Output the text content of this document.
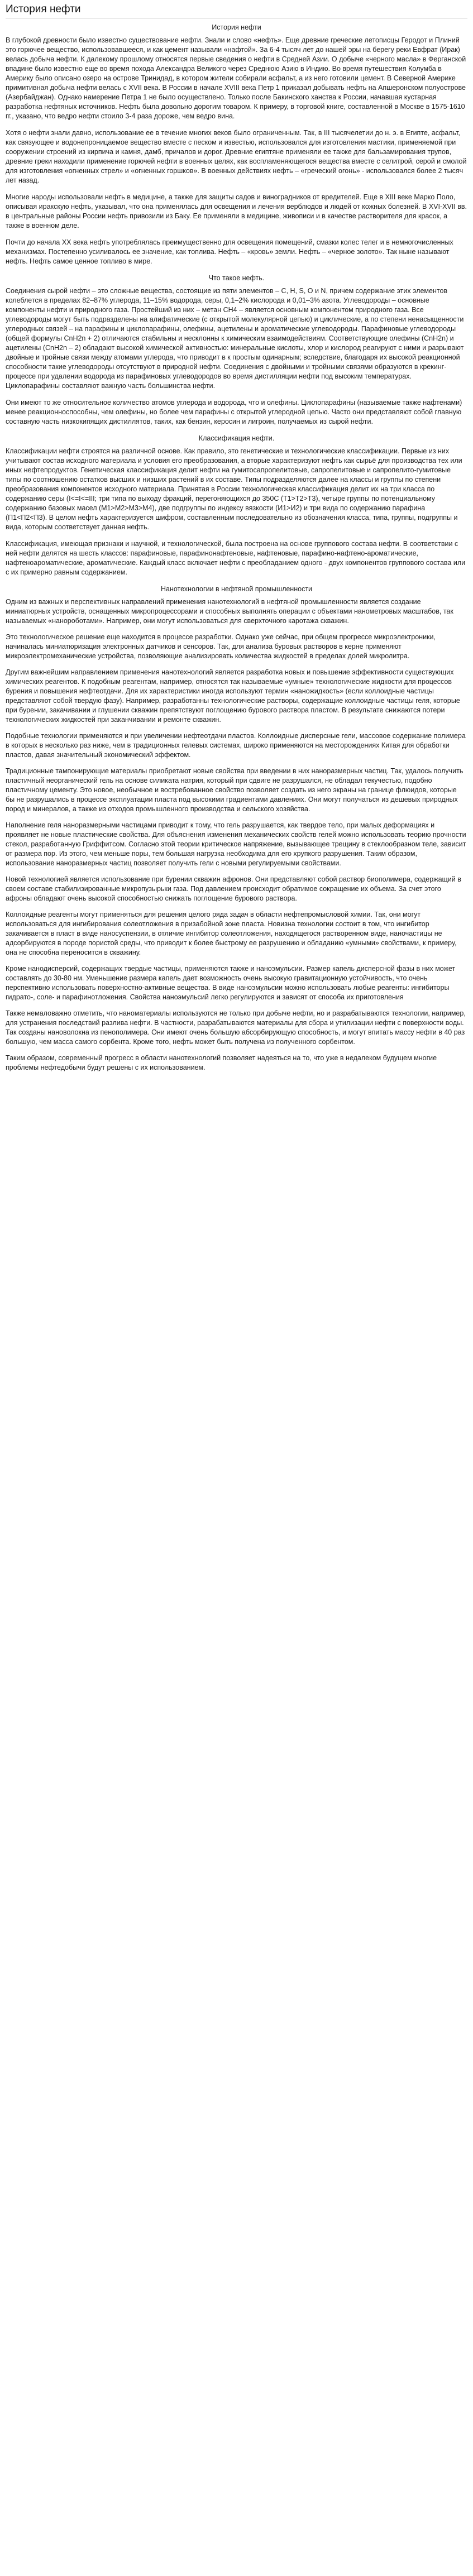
История нефти
История нефти

В глубокой древности было известно существование нефти. Знали и слово «нефть». Еще древние греческие летописцы Геродот и Плиний это горючее вещество, использовавшееся, и как цемент называли «нафтой». За 6-4 тысяч лет до нашей эры на берегу реки Евфрат (Ирак) велась добыча нефти. К далекому прошлому относятся первые сведения о нефти в Средней Азии. О добыче «черного масла» в Ферганской впадине было известно еще во время похода Александра Великого через Среднюю Азию в Индию. Во время путешествия Колумба в Америку было описано озеро на острове Тринидад, в котором жители собирали асфальт, а из него готовили цемент. В Северной Америке примитивная добыча нефти велась с XVII века. В России в начале XVIII века Петр 1 приказал добывать нефть на Апшеронском полуострове (Азербайджан). Однако намерение Петра 1 не было осуществлено. Только после Бакинского ханства к России, начавшая кустарная разработка нефтяных источников. Нефть была довольно дорогим товаром. К примеру, в торговой книге, составленной в Москве в 1575-1610 гг., указано, что ведро нефти стоило 3-4 раза дороже, чем ведро вина.

Хотя о нефти знали давно, использование ее в течение многих веков было ограниченным. Так, в III тысячелетии до н. э. в Египте, асфальт, как связующее и водонепроницаемое вещество вместе с песком и известью, использовался для изготовления мастики, применяемой при сооружении строений из кирпича и камня, дамб, причалов и дорог. Древние египтяне применяли ее также для бальзамирования трупов, древние греки находили применение горючей нефти в военных целях, как воспламеняющегося вещества вместе с селитрой, серой и смолой для изготовления «огненных стрел» и «огненных горшков». В военных действиях нефть – «греческий огонь» - использовался более 2 тысяч лет назад.

Многие народы использовали нефть в медицине, а также для защиты садов и виноградников от вредителей. Еще в XIII веке Марко Поло, описывая иракскую нефть, указывал, что она применялась для освещения и лечения верблюдов и людей от кожных болезней. В XVI-XVII вв. в центральные районы России нефть привозили из Баку. Ее применяли в медицине, живописи и в качестве растворителя для красок, а также в военном деле.

Почти до начала XX века нефть употреблялась преимущественно для освещения помещений, смазки колес телег и в немногочисленных механизмах. Постепенно усиливалось ее значение, как топлива. Нефть – «кровь» земли. Нефть – «черное золото». Так ныне называют нефть. Нефть самое ценное топливо в мире.

Что такое нефть.

Соединения сырой нефти – это сложные вещества, состоящие из пяти элементов – С, Н, S, О и N, причем содержание этих элементов колеблется в пределах 82–87% углерода, 11–15% водорода, серы, 0,1–2% кислорода и 0,01–3% азота. Углеводороды – основные компоненты нефти и природного газа. Простейший из них – метан СН4 – является основным компонентом природного газа. Все углеводороды могут быть подразделены на алифатические (с открытой молекулярной цепью) и циклические, а по степени ненасыщенности углеродных связей – на парафины и циклопарафины, олефины, ацетилены и ароматические углеводороды. Парафиновые углеводороды (общей формулы CnH2n + 2) отличаются стабильны и несклонны к химическим взаимодействиям. Соответствующие олефины (CnH2n) и ацетилены (CnH2n – 2) обладают высокой химической активностью: минеральные кислоты, хлор и кислород реагируют с ними и разрывают двойные и тройные связи между атомами углерода, что приводит в к простым одинарным; вследствие, благодаря их высокой реакционной способности такие углеводороды отсутствуют в природной нефти. Соединения с двойными и тройными связями образуются в крекинг-процессе при удалении водорода из парафиновых углеводородов во время дистилляции нефти под высоким температурах. Циклопарафины составляют важную часть большинства нефти.

Они имеют то же относительное количество атомов углерода и водорода, что и олефины. Циклопарафины (называемые также нафтенами) менее реакционноспособны, чем олефины, но более чем парафины с открытой углеродной цепью. Часто они представляют собой главную составную часть низкокипящих дистиллятов, таких, как бензин, керосин и лигроин, получаемых из сырой нефти.

Классификация нефти.

Классификации нефти строятся на различной основе. Как правило, это генетические и технологические классификации. Первые из них учитывают состав исходного материала и условия его преобразования, а вторые характеризуют нефть как сырьё для производства тех или иных нефтепродуктов. Генетическая классификация делит нефти на гумитосапропелитовые, сапропелитовые и сапропелито-гумитовые типы по соотношению остатков высших и низших растений в их составе. Типы подразделяются далее на классы и группы по степени преобразования компонентов исходного материала. Принятая в России технологическая классификация делит их на три класса по содержанию серы (I<=I<=III; три типа по выходу фракций, перегоняющихся до 350С (Т1>Т2>Т3), четыре группы по потенциальному содержанию базовых масел (М1>М2>М3>М4), две подгруппы по индексу вязкости (И1>И2) и три вида по содержанию парафина (П1<П2<П3). В целом нефть характеризуется шифром, составленным последовательно из обозначения класса, типа, группы, подгруппы и вида, которым соответствует данная нефть.

Классификация, имеющая признаки и научной, и технологической, была построена на основе группового состава нефти. В соответствии с ней нефти делятся на шесть классов: парафиновые, парафинонафтеновые, нафтеновые, парафино-нафтено-ароматические, нафтеноароматические, ароматические. Каждый класс включает нефти с преобладанием одного - двух компонентов группового состава или с их примерно равным содержанием.

Нанотехнологии в нефтяной промышленности

Одним из важных и перспективных направлений применения нанотехнологий в нефтяной промышленности является создание миниатюрных устройств, оснащенных микропроцессорами и способных выполнять операции с объектами нанометровых масштабов, так называемых «нанороботами». Например, они могут использоваться для сверхточного каротажа скважин.

Это технологическое решение еще находится в процессе разработки. Однако уже сейчас, при общем прогрессе микроэлектроники, начиналась миниатюризация электронных датчиков и сенсоров. Так, для анализа буровых растворов в керне применяют микроэлектромеханические устройства, позволяющие анализировать количества жидкостей в пределах долей микролитра.

Другим важнейшим направлением применения нанотехнологий является разработка новых и повышение эффективности существующих химических реагентов. К подобным реагентам, например, относятся так называемые «умные» технологические жидкости для процессов бурения и повышения нефтеотдачи. Для их характеристики иногда используют термин «наножидкость» (если коллоидные частицы представляют собой твердую фазу). Например, разработанны технологические растворы, содержащие коллоидные частицы геля, которые при бурении, закачивании и глушении скважин препятствуют поглощению бурового раствора пластом. В результате снижаются потери технологических жидкостей при заканчивании и ремонте скважин.

Подобные технологии применяются и при увеличении нефтеотдачи пластов. Коллоидные дисперсные гели, массовое содержание полимера в которых в несколько раз ниже, чем в традиционных гелевых системах, широко применяются на месторождениях Китая для обработки пластов, давая значительный экономический эффектом.

Традиционные тампонирующие материалы приобретают новые свойства при введении в них наноразмерных частиц. Так, удалось получить пластичный неорганический гель на основе силиката натрия, который при сдвиге не разрушался, не обладал текучестью, подобно пластичному цементу. Это новое, необычное и востребованное свойство позволяет создать из него экраны на границе флюидов, которые бы не разрушались в процессе эксплуатации пласта под высокими градиентами давлениях. Они могут получаться из дешевых природных пород и минералов, а также из отходов промышленного производства и сельского хозяйства.

Наполнение геля наноразмерными частицами приводит к тому, что гель разрушается, как твердое тело, при малых деформациях и проявляет не новые пластические свойства. Для объяснения изменения механических свойств гелей можно использовать теорию прочности стекол, разработанную Гриффитсом. Согласно этой теории критическое напряжение, вызывающее трещину в стеклообразном теле, зависит от размера пор. Из этого, чем меньше поры, тем большая нагрузка необходима для его хрупкого разрушения. Таким образом, использование наноразмерных частиц позволяет получить гели с новыми регулируемыми свойствами.

Новой технологией является использование при бурении скважин афронов. Они представляют собой раствор биополимера, содержащий в своем составе стабилизированные микропузырьки газа. Под давлением происходит обратимое сокращение их объема. За счет этого афроны обладают очень высокой способностью снижать поглощение бурового раствора.

Коллоидные реагенты могут применяться для решения целого ряда задач в области нефтепромысловой химии. Так, они могут использоваться для ингибирования солеотложения в призабойной зоне пласта. Новизна технологии состоит в том, что ингибитор закачивается в пласт в виде наносуспензии, в отличие ингибитор солеотложения, находящегося растворенном виде, наночастицы не адсорбируются в породе пористой среды, что приводит к более быстрому ее разрушению и обладанию «умными» свойствами, к примеру, она не способна переносится в скважину.

Кроме нанодисперсий, содержащих твердые частицы, применяются также и наноэмульсии. Размер капель дисперсной фазы в них может составлять до 30-80 нм. Уменьшение размера капель дает возможность очень высокую гравитационную устойчивость, что очень перспективно использовать поверхностно-активные вещества. В виде наноэмульсии можно использовать любые реагенты: ингибиторы гидрато-, соле- и парафинотложения. Свойства наноэмульсий легко регулируются и зависят от способа их приготовления

Также немаловажно отметить, что наноматериалы используются не только при добыче нефти, но и разрабатываются технологии, например, для устранения последствий разлива нефти. В частности, разрабатываются материалы для сбора и утилизации нефти с поверхности воды. Так созданы нановолокна из пенополимера. Они имеют очень большую абсорбирующую способность, и могут впитать массу нефти в 40 раз большую, чем масса самого сорбента. Кроме того, нефть может быть получена из полученного сорбентом.

Таким образом, современный прогресс в области нанотехнологий позволяет надеяться на то, что уже в недалеком будущем многие проблемы нефтедобычи будут решены с их использованием.
